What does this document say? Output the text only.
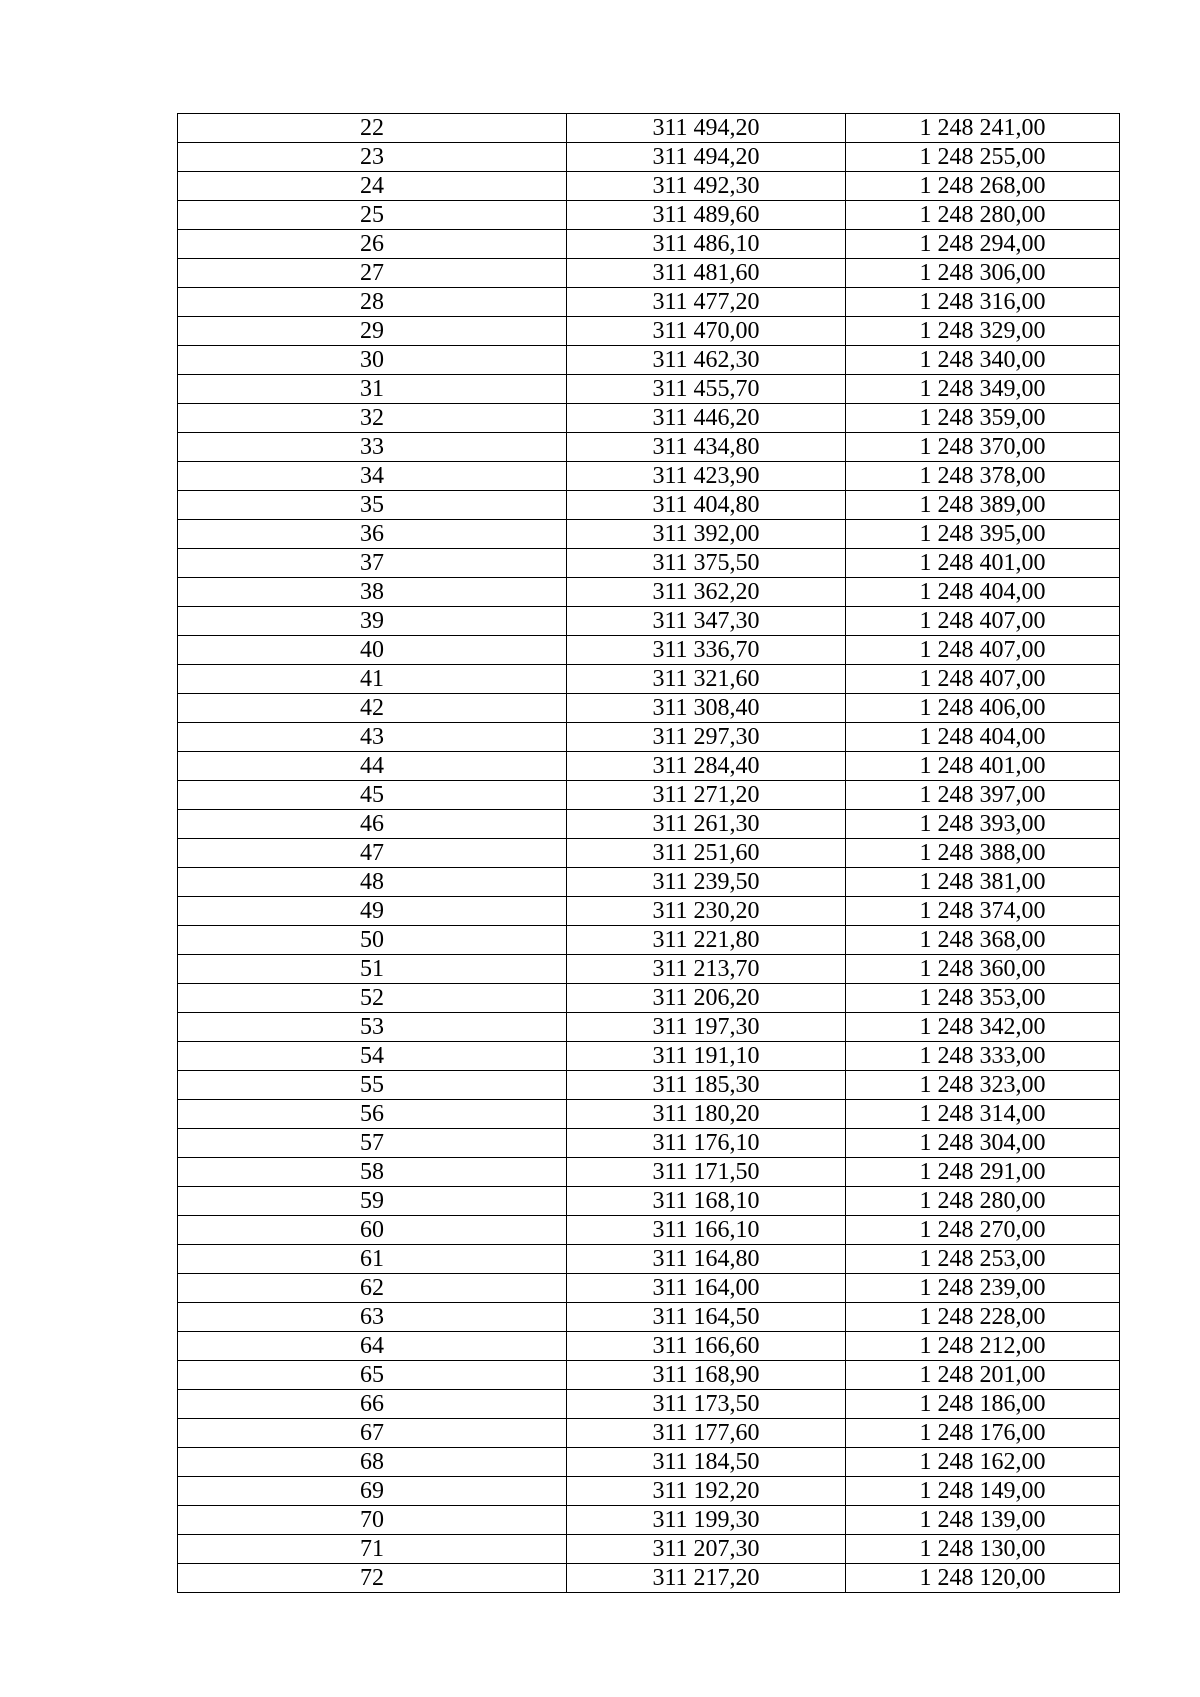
22	311 494,20	1 248 241,00
23	311 494,20	1 248 255,00
24	311 492,30	1 248 268,00
25	311 489,60	1 248 280,00
26	311 486,10	1 248 294,00
27	311 481,60	1 248 306,00
28	311 477,20	1 248 316,00
29	311 470,00	1 248 329,00
30	311 462,30	1 248 340,00
31	311 455,70	1 248 349,00
32	311 446,20	1 248 359,00
33	311 434,80	1 248 370,00
34	311 423,90	1 248 378,00
35	311 404,80	1 248 389,00
36	311 392,00	1 248 395,00
37	311 375,50	1 248 401,00
38	311 362,20	1 248 404,00
39	311 347,30	1 248 407,00
40	311 336,70	1 248 407,00
41	311 321,60	1 248 407,00
42	311 308,40	1 248 406,00
43	311 297,30	1 248 404,00
44	311 284,40	1 248 401,00
45	311 271,20	1 248 397,00
46	311 261,30	1 248 393,00
47	311 251,60	1 248 388,00
48	311 239,50	1 248 381,00
49	311 230,20	1 248 374,00
50	311 221,80	1 248 368,00
51	311 213,70	1 248 360,00
52	311 206,20	1 248 353,00
53	311 197,30	1 248 342,00
54	311 191,10	1 248 333,00
55	311 185,30	1 248 323,00
56	311 180,20	1 248 314,00
57	311 176,10	1 248 304,00
58	311 171,50	1 248 291,00
59	311 168,10	1 248 280,00
60	311 166,10	1 248 270,00
61	311 164,80	1 248 253,00
62	311 164,00	1 248 239,00
63	311 164,50	1 248 228,00
64	311 166,60	1 248 212,00
65	311 168,90	1 248 201,00
66	311 173,50	1 248 186,00
67	311 177,60	1 248 176,00
68	311 184,50	1 248 162,00
69	311 192,20	1 248 149,00
70	311 199,30	1 248 139,00
71	311 207,30	1 248 130,00
72	311 217,20	1 248 120,00
